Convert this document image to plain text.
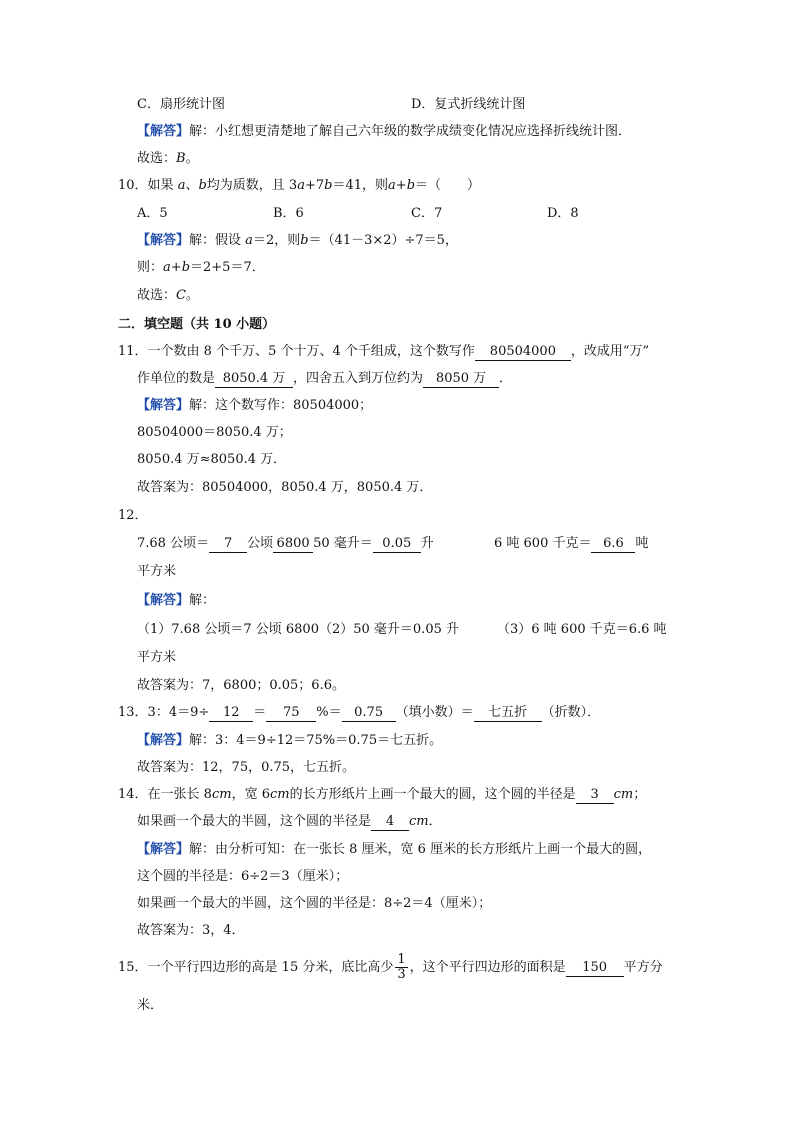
C．扇形统计图	D．复式折线统计图
【解答】解：小红想更清楚地了解自己六年级的数学成绩变化情况应选择折线统计图．
故选：B。
10．如果 a、b均为质数，且 3a+7b＝41，则a+b＝（　　）
A．5	B．6	C．7	D．8
【解答】解：假设 a＝2，则b＝（41－3×2）÷7＝5，
则：a+b＝2+5＝7．
故选：C。
二．填空题（共 10 小题）
11．一个数由 8 个千万、5 个十万、4 个千组成，这个数写作 80504000 ，改成用“万”
作单位的数是 8050.4 万 ，四舍五入到万位约为 8050 万 ．
【解答】解：这个数写作：80504000；
80504000＝8050.4 万；
8050.4 万≈8050.4 万．
故答案为：80504000，8050.4 万，8050.4 万．
12．
7.68 公顷＝ 7 公顷 6800 50 毫升＝ 0.05 升	6 吨 600 千克＝ 6.6 吨
平方米
【解答】解：
（1）7.68 公顷＝7 公顷 6800（2）50 毫升＝0.05 升	（3）6 吨 600 千克＝6.6 吨
平方米
故答案为：7，6800；0.05；6.6。
13．3：4＝9÷ 12 ＝ 75 %＝ 0.75 （填小数）＝ 七五折 （折数）．
【解答】解：3：4＝9÷12＝75%＝0.75＝七五折。
故答案为：12，75，0.75，七五折。
14．在一张长 8cm，宽 6cm的长方形纸片上画一个最大的圆，这个圆的半径是 3 cm；
如果画一个最大的半圆，这个圆的半径是 4 cm．
【解答】解：由分析可知：在一张长 8 厘米，宽 6 厘米的长方形纸片上画一个最大的圆，
这个圆的半径是：6÷2＝3（厘米）；
如果画一个最大的半圆，这个圆的半径是：8÷2＝4（厘米）；
故答案为：3，4．
15．一个平行四边形的高是 15 分米，底比高少 $\frac{1}{3}$ ，这个平行四边形的面积是 150 平方分
米．
